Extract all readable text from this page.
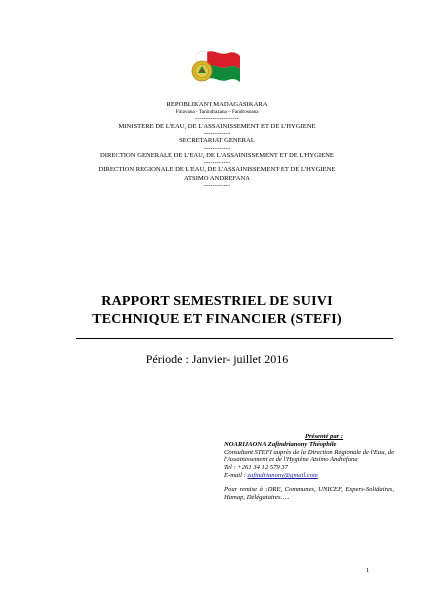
REPOBLIKAN'I MADAGASIKARA
Fitiavana - Tanindrazana – Fandrosoana
--------------------
MINISTERE DE L'EAU, DE L'ASSAINISSEMENT ET DE L'HYGIENE
------------
SECRETARIAT GENERAL
------------
DIRECTION GENERALE DE L'EAU, DE L'ASSAINISSEMENT ET DE L'HYGIENE
------------
DIRECTION REGIONALE DE L'EAU, DE L'ASSAINISSEMENT ET DE L'HYGIENE
ATSIMO ANDREFANA
------------
RAPPORT SEMESTRIEL DE SUIVI
TECHNIQUE ET FINANCIER (STEFI)
Période : Janvier- juillet 2016
Présenté par :
NOARIJAONA Zafindrianony Théophile
Consultant STEFI auprès de la Direction Régionale de l'Eau, de l'Assainissement et de l'Hygiène Atsimo Andrefana
Tel : +261 34 12 579 37
E-mail : zafindrianony@gmail.com
Pour remise à :DRE, Communes, UNICEF, Expers-Solidaires, Hamap, Délégataires…..
1
